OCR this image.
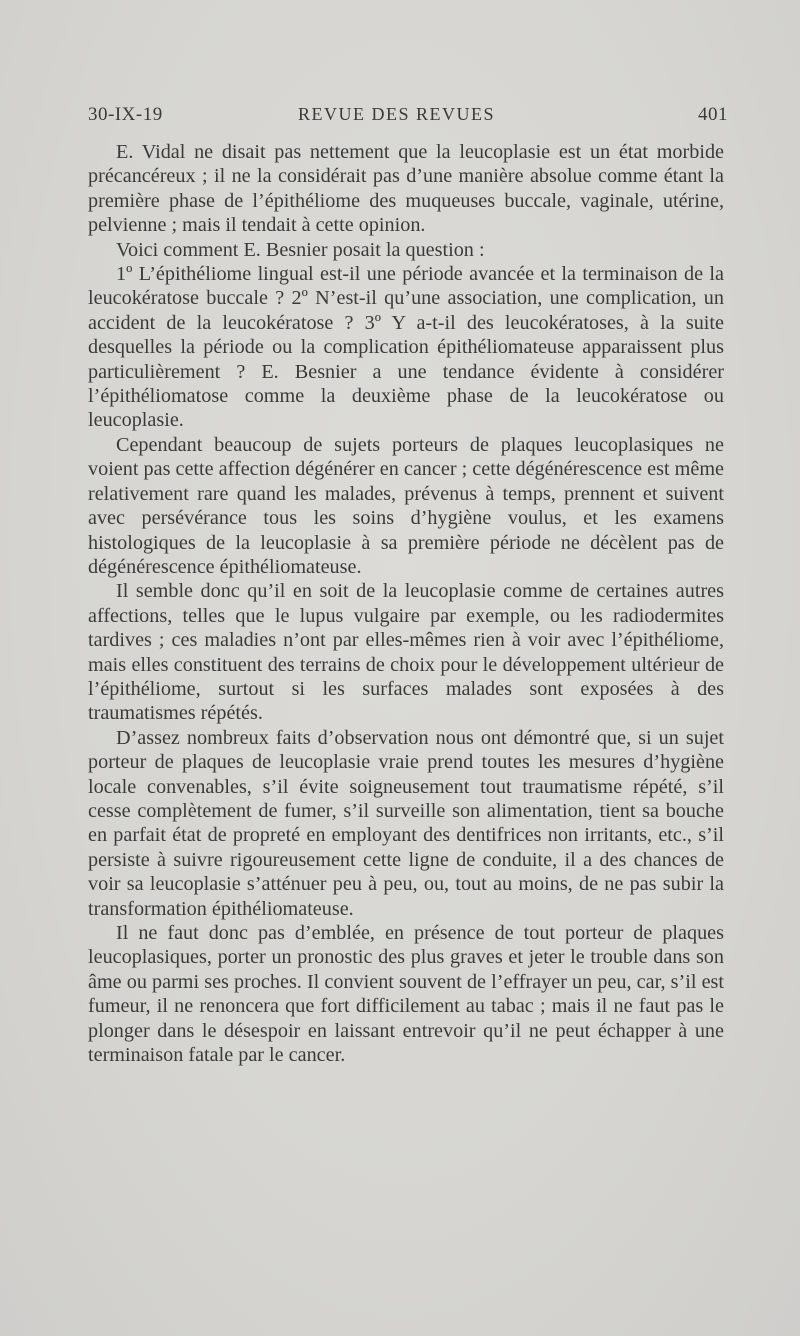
30-IX-19	REVUE DES REVUES	401

E. Vidal ne disait pas nettement que la leucoplasie est un état morbide précancéreux ; il ne la considérait pas d’une manière absolue comme étant la première phase de l’épithéliome des muqueuses buccale, vaginale, utérine, pelvienne ; mais il tendait à cette opinion.

Voici comment E. Besnier posait la question :

1º L’épithéliome lingual est-il une période avancée et la terminaison de la leucokératose buccale ? 2º N’est-il qu’une association, une complication, un accident de la leucokératose ? 3º Y a-t-il des leucokératoses, à la suite desquelles la période ou la complication épithéliomateuse apparaissent plus particulièrement ? E. Besnier a une tendance évidente à considérer l’épithéliomatose comme la deuxième phase de la leucokératose ou leucoplasie.

Cependant beaucoup de sujets porteurs de plaques leucoplasiques ne voient pas cette affection dégénérer en cancer ; cette dégénérescence est même relativement rare quand les malades, prévenus à temps, prennent et suivent avec persévérance tous les soins d’hygiène voulus, et les examens histologiques de la leucoplasie à sa première période ne décèlent pas de dégénérescence épithéliomateuse.

Il semble donc qu’il en soit de la leucoplasie comme de certaines autres affections, telles que le lupus vulgaire par exemple, ou les radiodermites tardives ; ces maladies n’ont par elles-mêmes rien à voir avec l’épithéliome, mais elles constituent des terrains de choix pour le développement ultérieur de l’épithéliome, surtout si les surfaces malades sont exposées à des traumatismes répétés.

D’assez nombreux faits d’observation nous ont démontré que, si un sujet porteur de plaques de leucoplasie vraie prend toutes les mesures d’hygiène locale convenables, s’il évite soigneusement tout traumatisme répété, s’il cesse complètement de fumer, s’il surveille son alimentation, tient sa bouche en parfait état de propreté en employant des dentifrices non irritants, etc., s’il persiste à suivre rigoureusement cette ligne de conduite, il a des chances de voir sa leucoplasie s’atténuer peu à peu, ou, tout au moins, de ne pas subir la transformation épithéliomateuse.

Il ne faut donc pas d’emblée, en présence de tout porteur de plaques leucoplasiques, porter un pronostic des plus graves et jeter le trouble dans son âme ou parmi ses proches. Il convient souvent de l’effrayer un peu, car, s’il est fumeur, il ne renoncera que fort difficilement au tabac ; mais il ne faut pas le plonger dans le désespoir en laissant entrevoir qu’il ne peut échapper à une terminaison fatale par le cancer.
